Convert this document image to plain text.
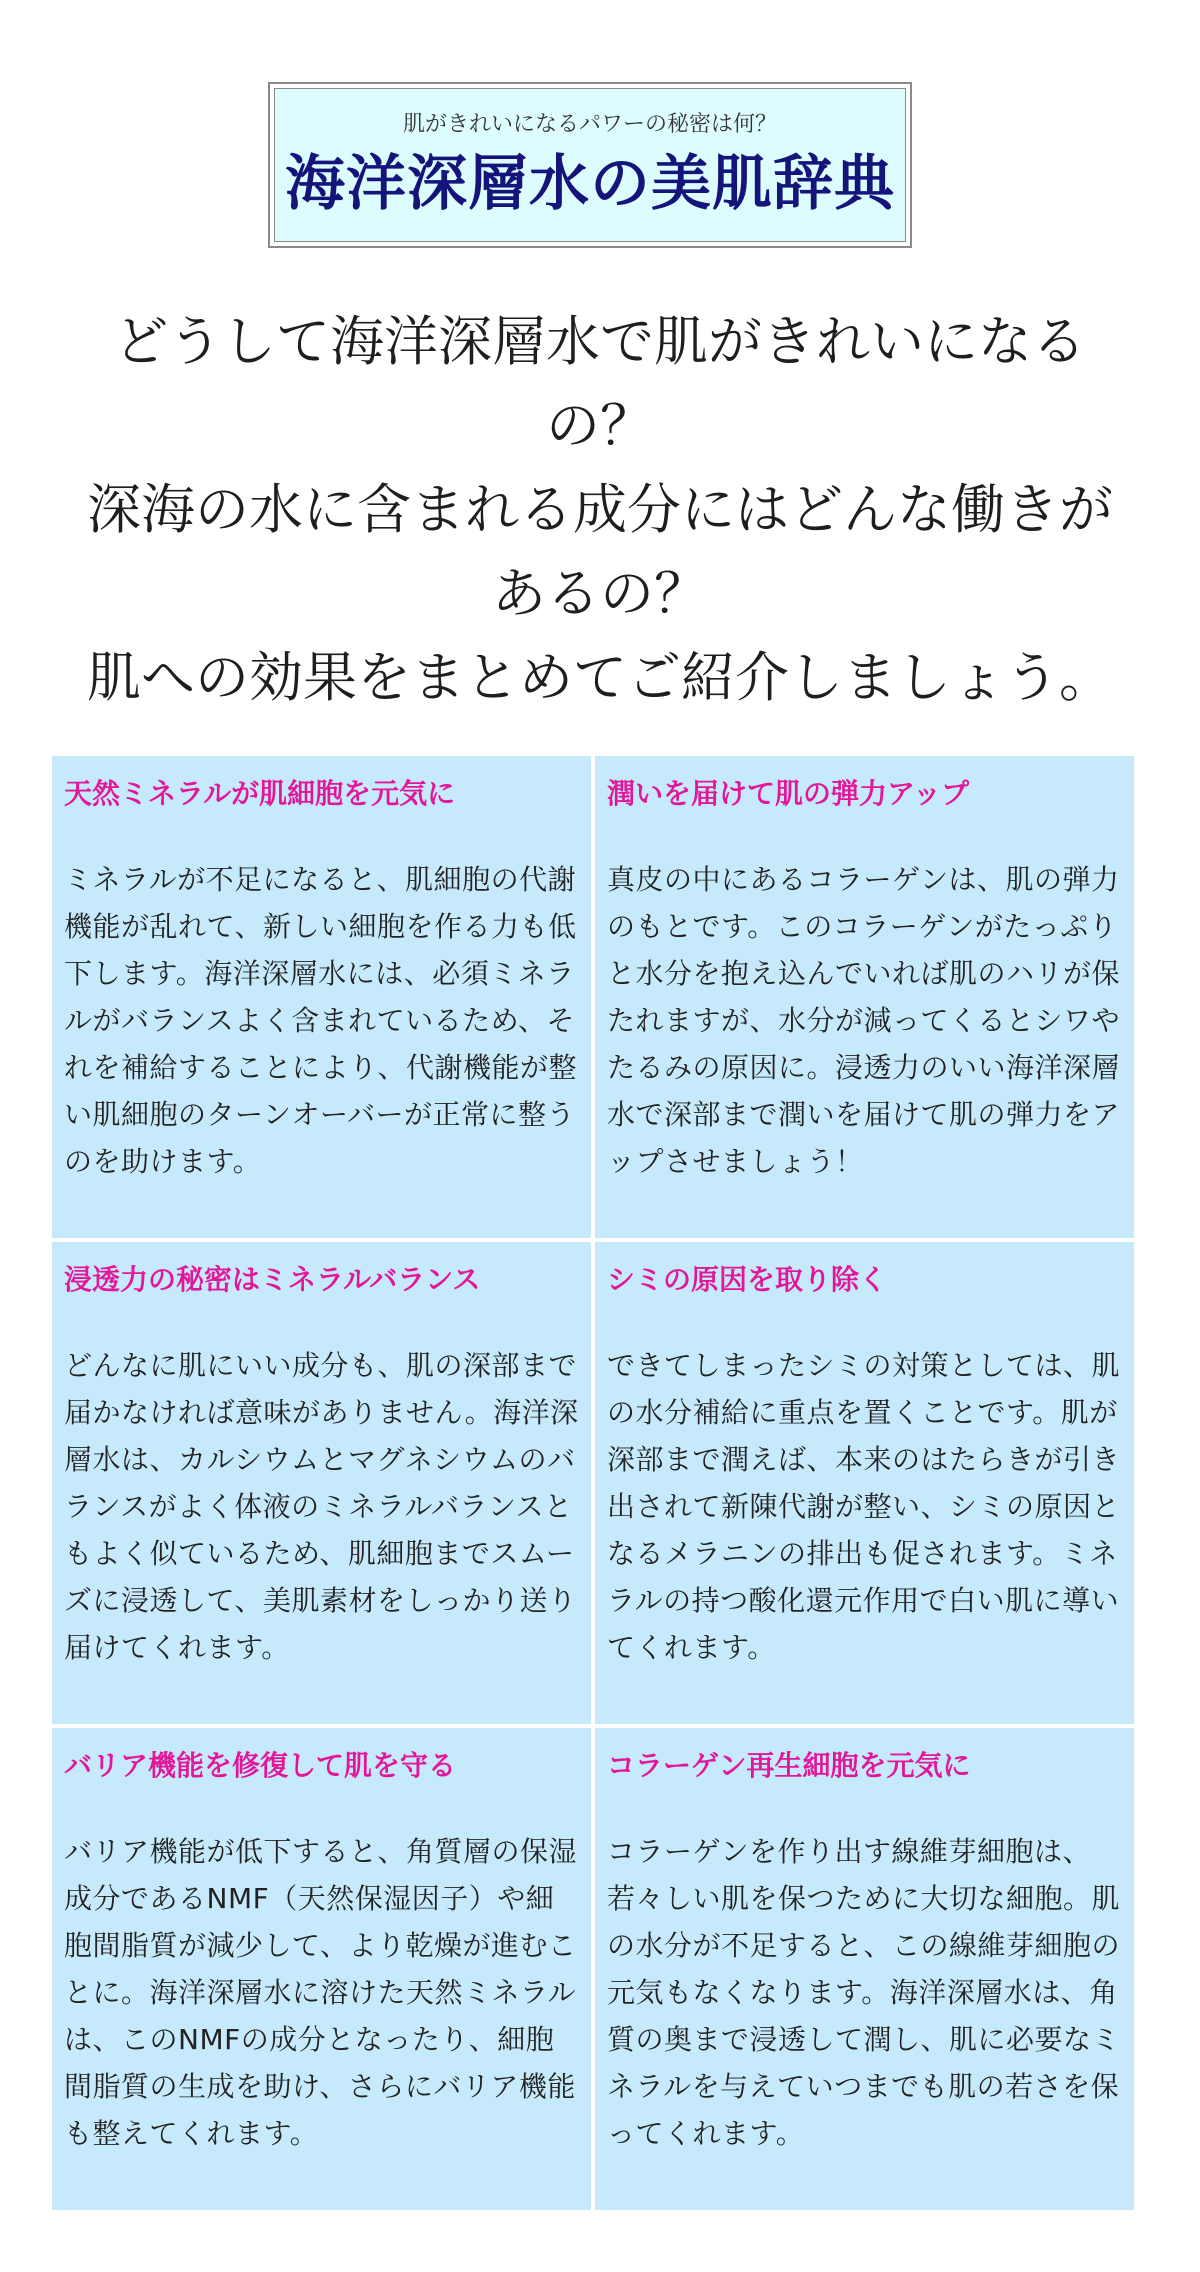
肌がきれいになるパワーの秘密は何？
海洋深層水の美肌辞典
どうして海洋深層水で肌がきれいになる
の？
深海の水に含まれる成分にはどんな働きが
あるの？
肌への効果をまとめてご紹介しましょう。
天然ミネラルが肌細胞を元気に
ミネラルが不足になると、肌細胞の代謝機能が乱れて、新しい細胞を作る力も低下します。海洋深層水には、必須ミネラルがバランスよく含まれているため、それを補給することにより、代謝機能が整い肌細胞のターンオーバーが正常に整うのを助けます。
潤いを届けて肌の弾力アップ
真皮の中にあるコラーゲンは、肌の弾力のもとです。このコラーゲンがたっぷりと水分を抱え込んでいれば肌のハリが保たれますが、水分が減ってくるとシワやたるみの原因に。浸透力のいい海洋深層水で深部まで潤いを届けて肌の弾力をアップさせましょう！
浸透力の秘密はミネラルバランス
どんなに肌にいい成分も、肌の深部まで届かなければ意味がありません。海洋深層水は、カルシウムとマグネシウムのバランスがよく体液のミネラルバランスともよく似ているため、肌細胞までスムーズに浸透して、美肌素材をしっかり送り届けてくれます。
シミの原因を取り除く
できてしまったシミの対策としては、肌の水分補給に重点を置くことです。肌が深部まで潤えば、本来のはたらきが引き出されて新陳代謝が整い、シミの原因となるメラニンの排出も促されます。ミネラルの持つ酸化還元作用で白い肌に導いてくれます。
バリア機能を修復して肌を守る
バリア機能が低下すると、角質層の保湿成分であるNMF（天然保湿因子）や細胞間脂質が減少して、より乾燥が進むことに。海洋深層水に溶けた天然ミネラルは、このNMFの成分となったり、細胞間脂質の生成を助け、さらにバリア機能も整えてくれます。
コラーゲン再生細胞を元気に
コラーゲンを作り出す線維芽細胞は、若々しい肌を保つために大切な細胞。肌の水分が不足すると、この線維芽細胞の元気もなくなります。海洋深層水は、角質の奥まで浸透して潤し、肌に必要なミネラルを与えていつまでも肌の若さを保ってくれます。
